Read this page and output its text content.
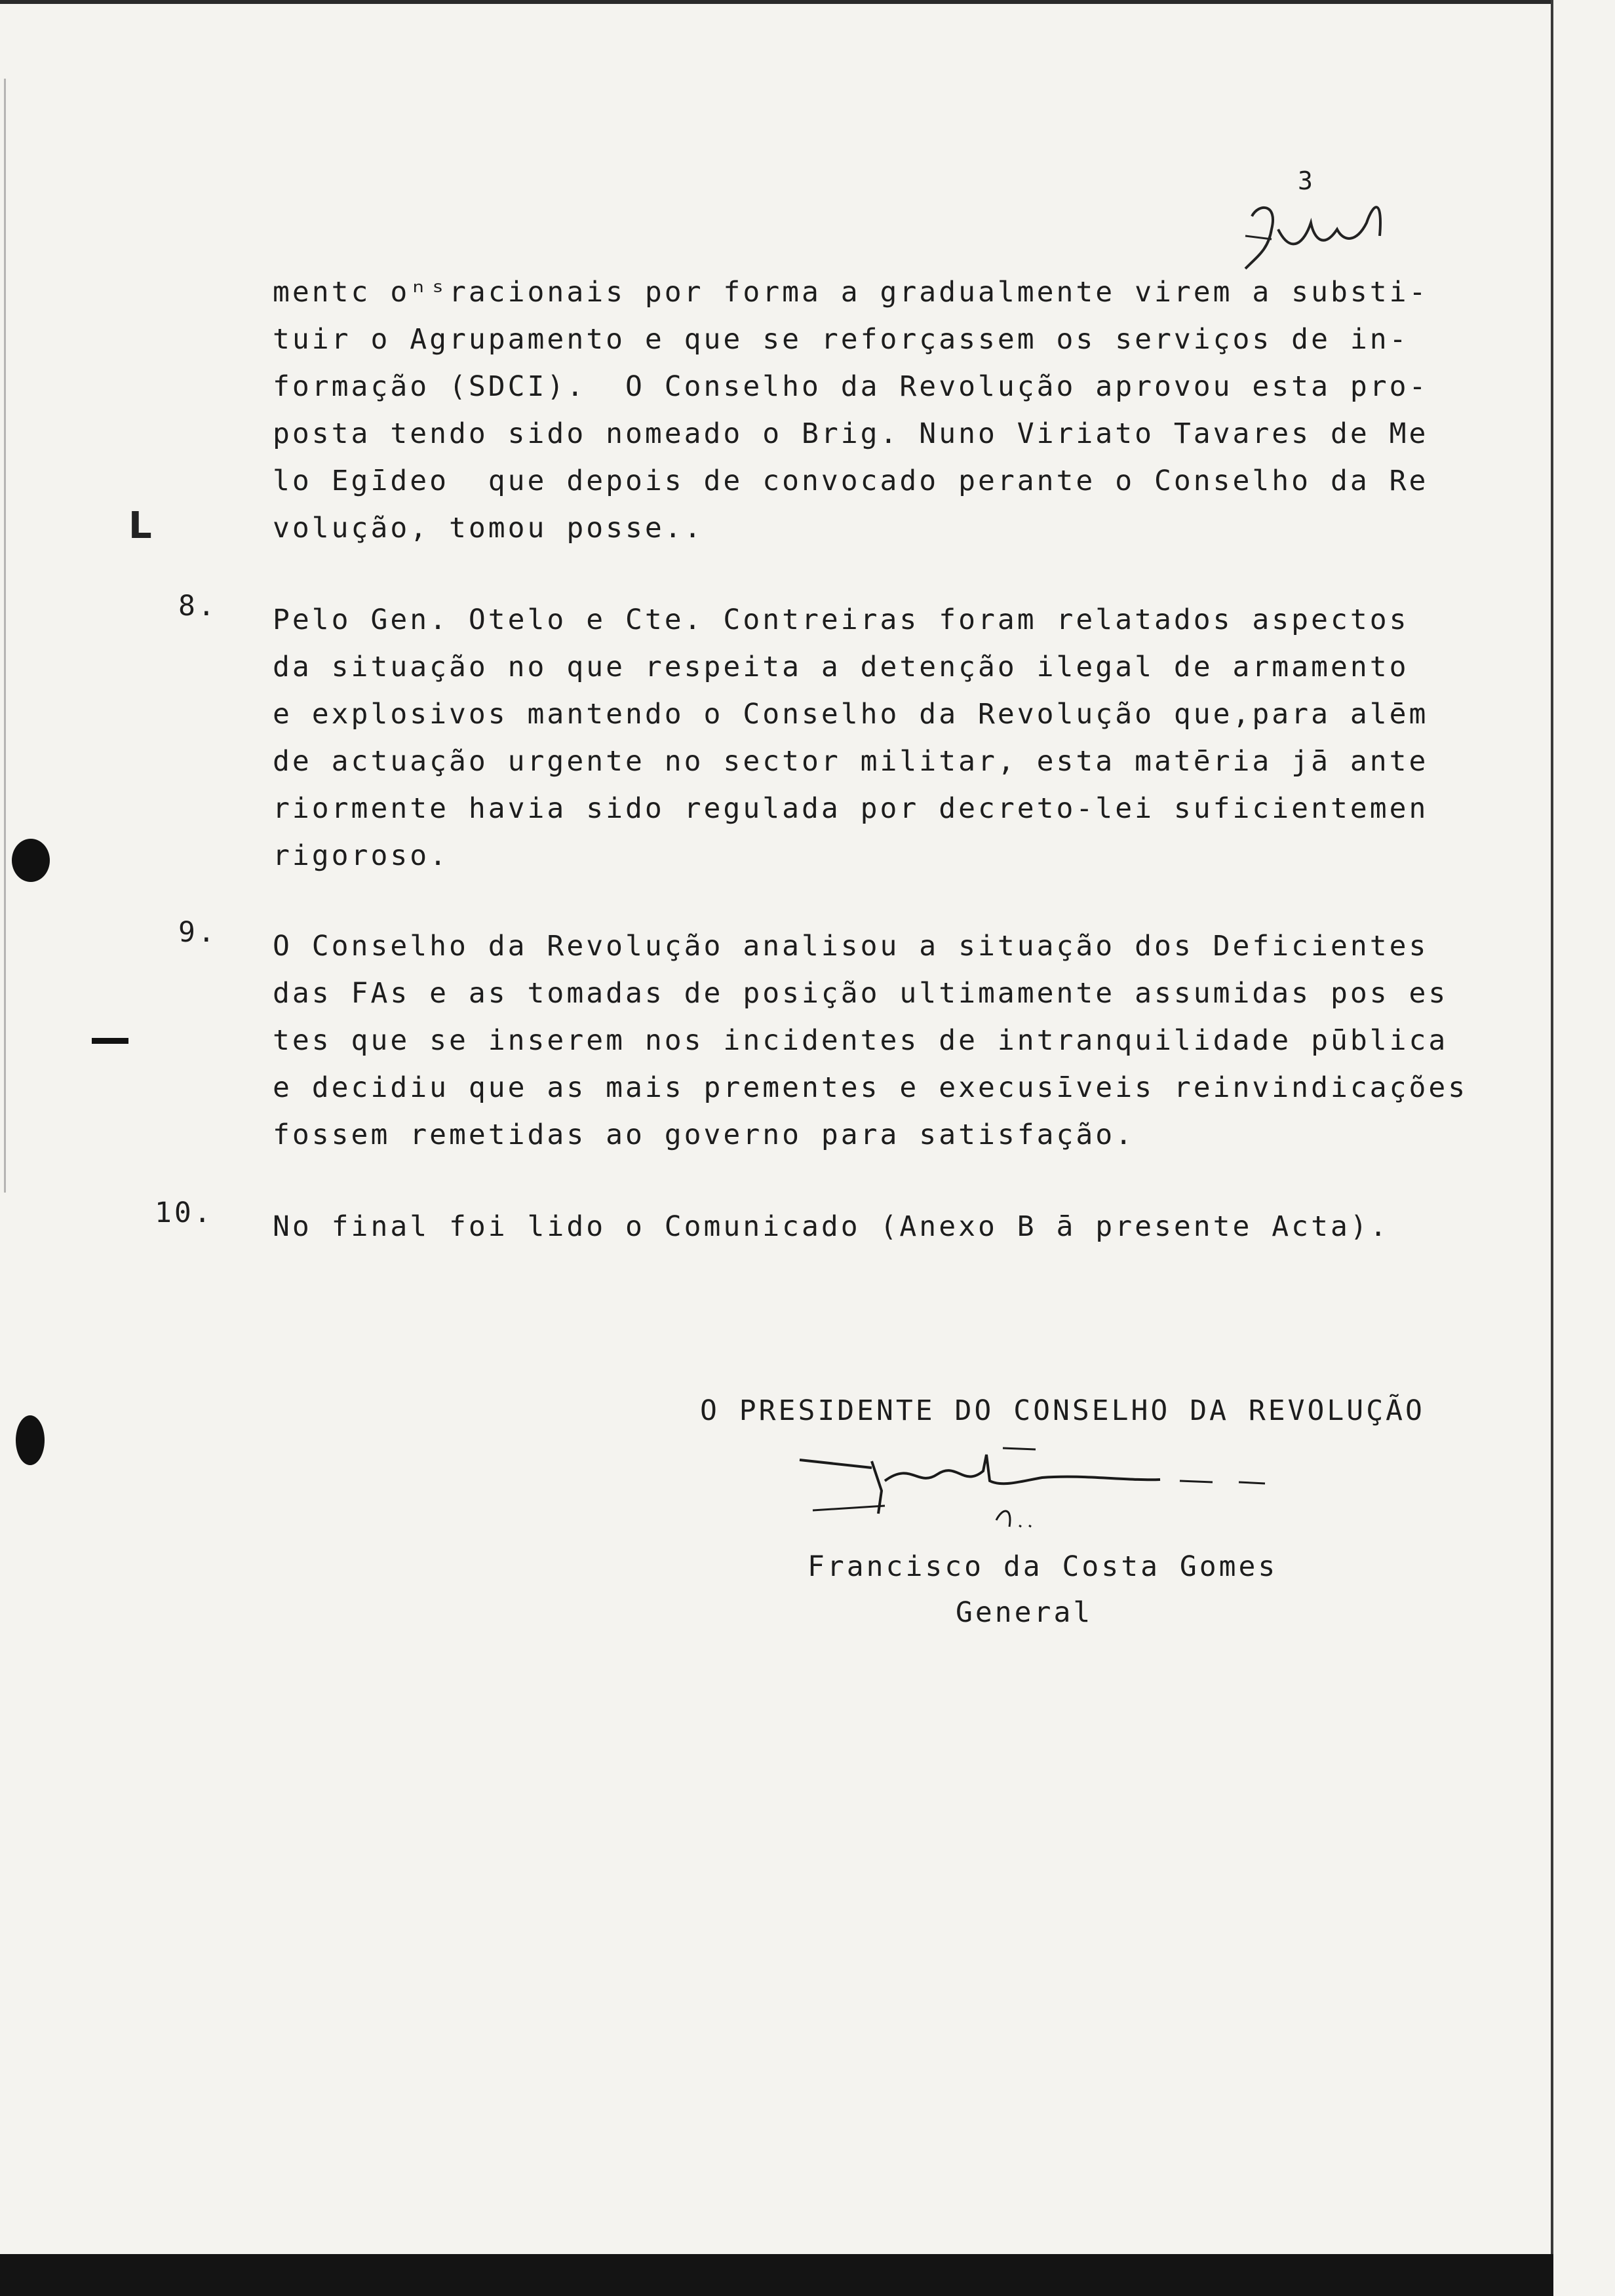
L
3
mentc oⁿˢracionais por forma a gradualmente virem a substi-
tuir o Agrupamento e que se reforçassem os serviços de in-
formação (SDCI).  O Conselho da Revolução aprovou esta pro-
posta tendo sido nomeado o Brig. Nuno Viriato Tavares de Me
lo Egīdeo  que depois de convocado perante o Conselho da Re
volução, tomou posse..
8. Pelo Gen. Otelo e Cte. Contreiras foram relatados aspectos
da situação no que respeita a detenção ilegal de armamento
e explosivos mantendo o Conselho da Revolução que,para alēm
de actuação urgente no sector militar, esta matēria jā ante
riormente havia sido regulada por decreto-lei suficientemen
rigoroso.
9. O Conselho da Revolução analisou a situação dos Deficientes
das FAs e as tomadas de posição ultimamente assumidas pos es
tes que se inserem nos incidentes de intranquilidade pūblica
e decidiu que as mais prementes e execusīveis reinvindicações
fossem remetidas ao governo para satisfação.
10. No final foi lido o Comunicado (Anexo B ā presente Acta).
O PRESIDENTE DO CONSELHO DA REVOLUÇÃO
Francisco da Costa Gomes
General
